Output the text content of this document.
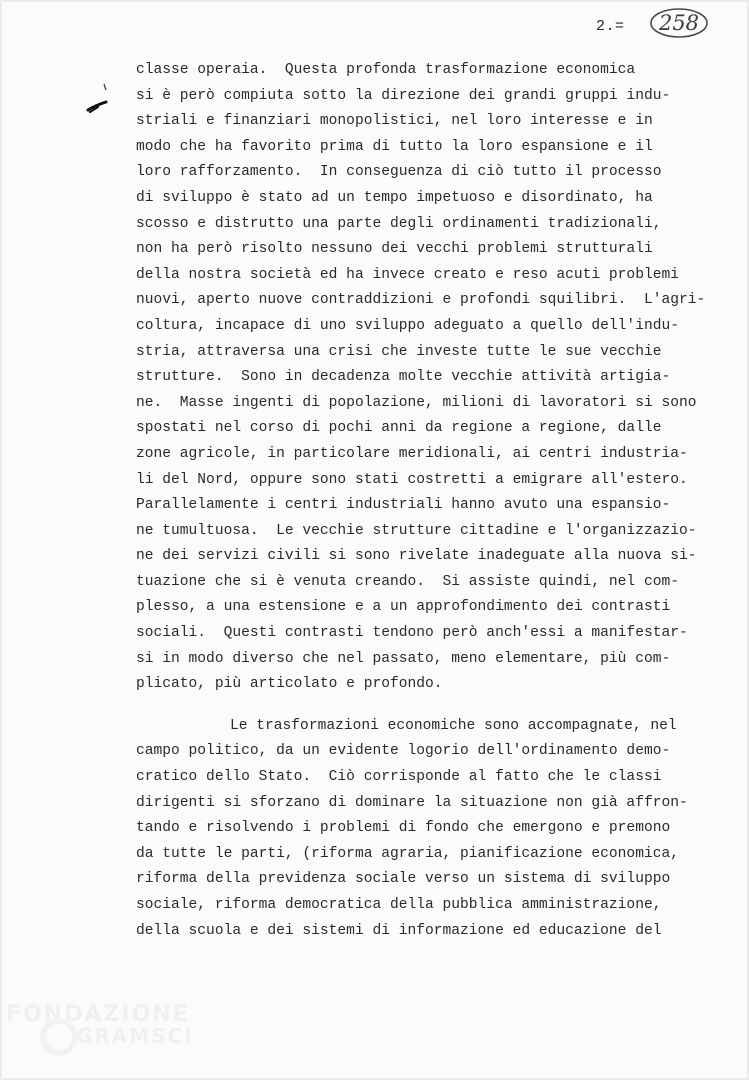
2.= 258
classe operaia.  Questa profonda trasformazione economica
si è però compiuta sotto la direzione dei grandi gruppi indu-
striali e finanziari monopolistici, nel loro interesse e in
modo che ha favorito prima di tutto la loro espansione e il
loro rafforzamento.  In conseguenza di ciò tutto il processo
di sviluppo è stato ad un tempo impetuoso e disordinato, ha
scosso e distrutto una parte degli ordinamenti tradizionali,
non ha però risolto nessuno dei vecchi problemi strutturali
della nostra società ed ha invece creato e reso acuti problemi
nuovi, aperto nuove contraddizioni e profondi squilibri.  L'agri-
coltura, incapace di uno sviluppo adeguato a quello dell'indu-
stria, attraversa una crisi che investe tutte le sue vecchie
strutture.  Sono in decadenza molte vecchie attività artigia-
ne.  Masse ingenti di popolazione, milioni di lavoratori si sono
spostati nel corso di pochi anni da regione a regione, dalle
zone agricole, in particolare meridionali, ai centri industria-
li del Nord, oppure sono stati costretti a emigrare all'estero.
Parallelamente i centri industriali hanno avuto una espansio-
ne tumultuosa.  Le vecchie strutture cittadine e l'organizzazio-
ne dei servizi civili si sono rivelate inadeguate alla nuova si-
tuazione che si è venuta creando.  Si assiste quindi, nel com-
plesso, a una estensione e a un approfondimento dei contrasti
sociali.  Questi contrasti tendono però anch'essi a manifestar-
si in modo diverso che nel passato, meno elementare, più com-
plicato, più articolato e profondo.
Le trasformazioni economiche sono accompagnate, nel
campo politico, da un evidente logorio dell'ordinamento demo-
cratico dello Stato.  Ciò corrisponde al fatto che le classi
dirigenti si sforzano di dominare la situazione non già affron-
tando e risolvendo i problemi di fondo che emergono e premono
da tutte le parti, (riforma agraria, pianificazione economica,
riforma della previdenza sociale verso un sistema di sviluppo
sociale, riforma democratica della pubblica amministrazione,
della scuola e dei sistemi di informazione ed educazione del
FONDAZIONE
GRAMSCI
